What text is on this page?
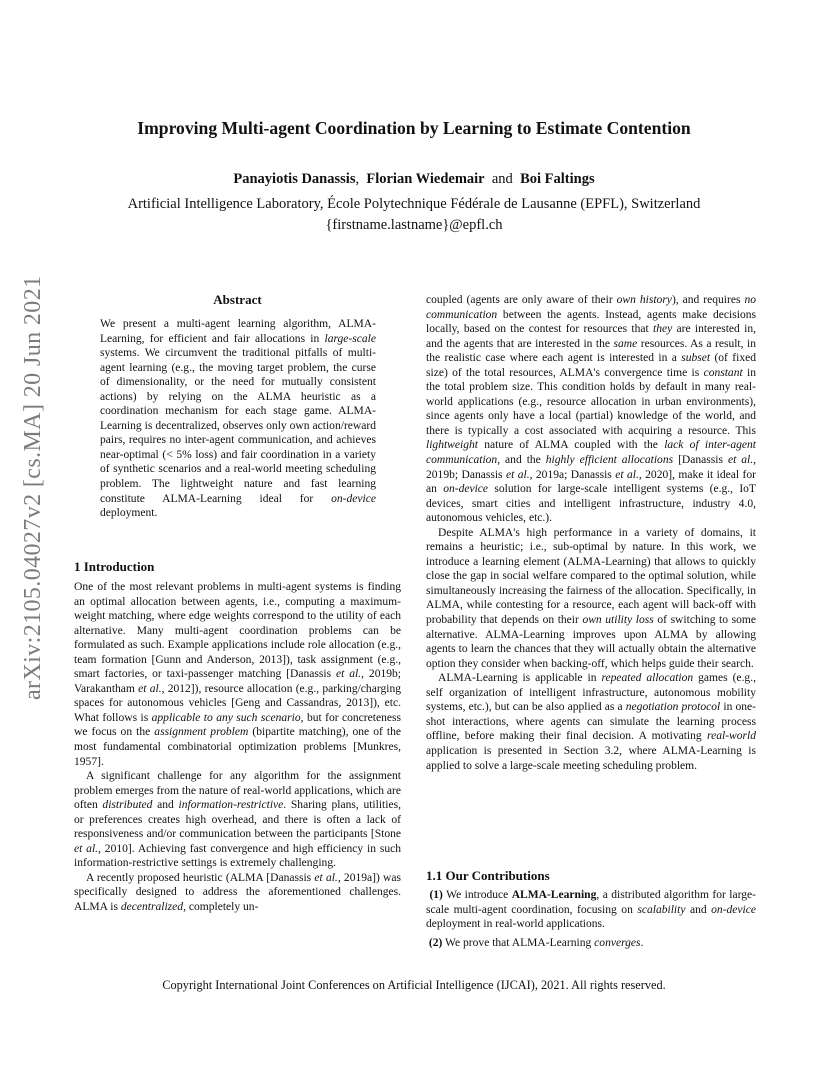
Improving Multi-agent Coordination by Learning to Estimate Contention
Panayiotis Danassis, Florian Wiedemair and Boi Faltings
Artificial Intelligence Laboratory, École Polytechnique Fédérale de Lausanne (EPFL), Switzerland
{firstname.lastname}@epfl.ch
arXiv:2105.04027v2 [cs.MA] 20 Jun 2021	Abstract

We present a multi-agent learning algorithm, ALMA-Learning, for efficient and fair allocations in large-scale systems. We circumvent the traditional pitfalls of multi-agent learning (e.g., the moving target problem, the curse of dimensionality, or the need for mutually consistent actions) by relying on the ALMA heuristic as a coordination mechanism for each stage game. ALMA-Learning is decentralized, observes only own action/reward pairs, requires no inter-agent communication, and achieves near-optimal (< 5% loss) and fair coordination in a variety of synthetic scenarios and a real-world meeting scheduling problem. The lightweight nature and fast learning constitute ALMA-Learning ideal for on-device deployment.

1 Introduction

One of the most relevant problems in multi-agent systems is finding an optimal allocation between agents, i.e., computing a maximum-weight matching, where edge weights correspond to the utility of each alternative. Many multi-agent coordination problems can be formulated as such. Example applications include role allocation (e.g., team formation [Gunn and Anderson, 2013]), task assignment (e.g., smart factories, or taxi-passenger matching [Danassis et al., 2019b; Varakantham et al., 2012]), resource allocation (e.g., parking/charging spaces for autonomous vehicles [Geng and Cassandras, 2013]), etc. What follows is applicable to any such scenario, but for concreteness we focus on the assignment problem (bipartite matching), one of the most fundamental combinatorial optimization problems [Munkres, 1957].

A significant challenge for any algorithm for the assignment problem emerges from the nature of real-world applications, which are often distributed and information-restrictive. Sharing plans, utilities, or preferences creates high overhead, and there is often a lack of responsiveness and/or communication between the participants [Stone et al., 2010]. Achieving fast convergence and high efficiency in such information-restrictive settings is extremely challenging.

A recently proposed heuristic (ALMA [Danassis et al., 2019a]) was specifically designed to address the aforementioned challenges. ALMA is decentralized, completely un-

coupled (agents are only aware of their own history), and requires no communication between the agents. Instead, agents make decisions locally, based on the contest for resources that they are interested in, and the agents that are interested in the same resources. As a result, in the realistic case where each agent is interested in a subset (of fixed size) of the total resources, ALMA's convergence time is constant in the total problem size. This condition holds by default in many real-world applications (e.g., resource allocation in urban environments), since agents only have a local (partial) knowledge of the world, and there is typically a cost associated with acquiring a resource. This lightweight nature of ALMA coupled with the lack of inter-agent communication, and the highly efficient allocations [Danassis et al., 2019b; Danassis et al., 2019a; Danassis et al., 2020], make it ideal for an on-device solution for large-scale intelligent systems (e.g., IoT devices, smart cities and intelligent infrastructure, industry 4.0, autonomous vehicles, etc.).

Despite ALMA's high performance in a variety of domains, it remains a heuristic; i.e., sub-optimal by nature. In this work, we introduce a learning element (ALMA-Learning) that allows to quickly close the gap in social welfare compared to the optimal solution, while simultaneously increasing the fairness of the allocation. Specifically, in ALMA, while contesting for a resource, each agent will back-off with probability that depends on their own utility loss of switching to some alternative. ALMA-Learning improves upon ALMA by allowing agents to learn the chances that they will actually obtain the alternative option they consider when backing-off, which helps guide their search.

ALMA-Learning is applicable in repeated allocation games (e.g., self organization of intelligent infrastructure, autonomous mobility systems, etc.), but can be also applied as a negotiation protocol in one-shot interactions, where agents can simulate the learning process offline, before making their final decision. A motivating real-world application is presented in Section 3.2, where ALMA-Learning is applied to solve a large-scale meeting scheduling problem.

1.1 Our Contributions

(1) We introduce ALMA-Learning, a distributed algorithm for large-scale multi-agent coordination, focusing on scalability and on-device deployment in real-world applications.

(2) We prove that ALMA-Learning converges.

Copyright International Joint Conferences on Artificial Intelligence (IJCAI), 2021. All rights reserved.
